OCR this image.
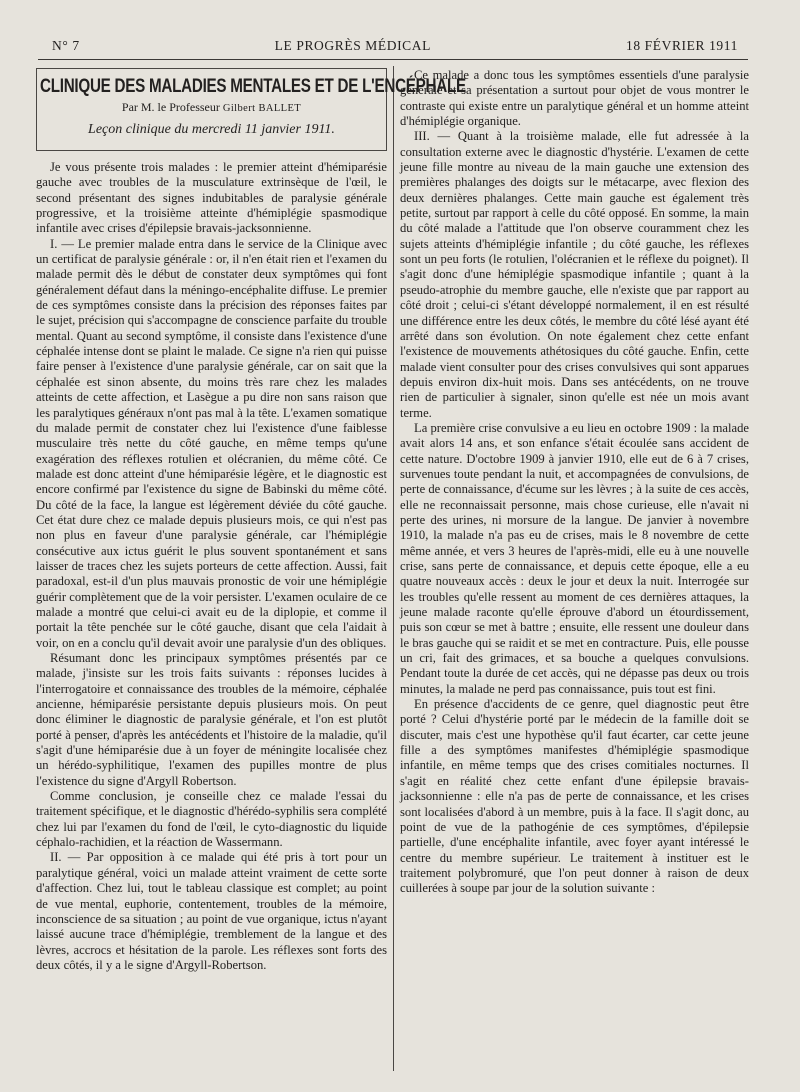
N° 7	LE PROGRÈS MÉDICAL	18 FÉVRIER 1911
CLINIQUE DES MALADIES MENTALES ET DE L'ENCÉPHALE
Par M. le Professeur Gilbert BALLET
Leçon clinique du mercredi 11 janvier 1911.

Je vous présente trois malades : le premier atteint d'hémiparésie gauche avec troubles de la musculature extrinsèque de l'œil, le second présentant des signes indubitables de paralysie générale progressive, et la troisième atteinte d'hémiplégie spasmodique infantile avec crises d'épilepsie bravais-jacksonnienne.

I. — Le premier malade entra dans le service de la Clinique avec un certificat de paralysie générale : or, il n'en était rien et l'examen du malade permit dès le début de constater deux symptômes qui font généralement défaut dans la méningo-encéphalite diffuse. Le premier de ces symptômes consiste dans la précision des réponses faites par le sujet, précision qui s'accompagne de conscience parfaite du trouble mental. Quant au second symptôme, il consiste dans l'existence d'une céphalée intense dont se plaint le malade. Ce signe n'a rien qui puisse faire penser à l'existence d'une paralysie générale, car on sait que la céphalée est sinon absente, du moins très rare chez les malades atteints de cette affection, et Lasègue a pu dire non sans raison que les paralytiques généraux n'ont pas mal à la tête. L'examen somatique du malade permit de constater chez lui l'existence d'une faiblesse musculaire très nette du côté gauche, en même temps qu'une exagération des réflexes rotulien et olécranien, du même côté. Ce malade est donc atteint d'une hémiparésie légère, et le diagnostic est encore confirmé par l'existence du signe de Babinski du même côté. Du côté de la face, la langue est légèrement déviée du côté gauche. Cet état dure chez ce malade depuis plusieurs mois, ce qui n'est pas non plus en faveur d'une paralysie générale, car l'hémiplégie consécutive aux ictus guérit le plus souvent spontanément et sans laisser de traces chez les sujets porteurs de cette affection. Aussi, fait paradoxal, est-il d'un plus mauvais pronostic de voir une hémiplégie guérir complètement que de la voir persister. L'examen oculaire de ce malade a montré que celui-ci avait eu de la diplopie, et comme il portait la tête penchée sur le côté gauche, disant que cela l'aidait à voir, on en a conclu qu'il devait avoir une paralysie d'un des obliques.

Résumant donc les principaux symptômes présentés par ce malade, j'insiste sur les trois faits suivants : réponses lucides à l'interrogatoire et connaissance des troubles de la mémoire, céphalée ancienne, hémiparésie persistante depuis plusieurs mois. On peut donc éliminer le diagnostic de paralysie générale, et l'on est plutôt porté à penser, d'après les antécédents et l'histoire de la maladie, qu'il s'agit d'une hémiparésie due à un foyer de méningite localisée chez un hérédo-syphilitique, l'examen des pupilles montre de plus l'existence du signe d'Argyll Robertson.

Comme conclusion, je conseille chez ce malade l'essai du traitement spécifique, et le diagnostic d'hérédo-syphilis sera complété chez lui par l'examen du fond de l'œil, le cyto-diagnostic du liquide céphalo-rachidien, et la réaction de Wassermann.

II. — Par opposition à ce malade qui été pris à tort pour un paralytique général, voici un malade atteint vraiment de cette sorte d'affection. Chez lui, tout le tableau classique est complet; au point de vue mental, euphorie, contentement, troubles de la mémoire, inconscience de sa situation ; au point de vue organique, ictus n'ayant laissé aucune trace d'hémiplégie, tremblement de la langue et des lèvres, accrocs et hésitation de la parole. Les réflexes sont forts des deux côtés, il y a le signe d'Argyll-Robertson.

Ce malade a donc tous les symptômes essentiels d'une paralysie générale et sa présentation a surtout pour objet de vous montrer le contraste qui existe entre un paralytique général et un homme atteint d'hémiplégie organique.

III. — Quant à la troisième malade, elle fut adressée à la consultation externe avec le diagnostic d'hystérie. L'examen de cette jeune fille montre au niveau de la main gauche une extension des premières phalanges des doigts sur le métacarpe, avec flexion des deux dernières phalanges. Cette main gauche est également très petite, surtout par rapport à celle du côté opposé. En somme, la main du côté malade a l'attitude que l'on observe couramment chez les sujets atteints d'hémiplégie infantile ; du côté gauche, les réflexes sont un peu forts (le rotulien, l'olécranien et le réflexe du poignet). Il s'agit donc d'une hémiplégie spasmodique infantile ; quant à la pseudo-atrophie du membre gauche, elle n'existe que par rapport au côté droit ; celui-ci s'étant développé normalement, il en est résulté une différence entre les deux côtés, le membre du côté lésé ayant été arrêté dans son évolution. On note également chez cette enfant l'existence de mouvements athétosiques du côté gauche. Enfin, cette malade vient consulter pour des crises convulsives qui sont apparues depuis environ dix-huit mois. Dans ses antécédents, on ne trouve rien de particulier à signaler, sinon qu'elle est née un mois avant terme.

La première crise convulsive a eu lieu en octobre 1909 : la malade avait alors 14 ans, et son enfance s'était écoulée sans accident de cette nature. D'octobre 1909 à janvier 1910, elle eut de 6 à 7 crises, survenues toute pendant la nuit, et accompagnées de convulsions, de perte de connaissance, d'écume sur les lèvres ; à la suite de ces accès, elle ne reconnaissait personne, mais chose curieuse, elle n'avait ni perte des urines, ni morsure de la langue. De janvier à novembre 1910, la malade n'a pas eu de crises, mais le 8 novembre de cette même année, et vers 3 heures de l'après-midi, elle eu à une nouvelle crise, sans perte de connaissance, et depuis cette époque, elle a eu quatre nouveaux accès : deux le jour et deux la nuit. Interrogée sur les troubles qu'elle ressent au moment de ces dernières attaques, la jeune malade raconte qu'elle éprouve d'abord un étourdissement, puis son cœur se met à battre ; ensuite, elle ressent une douleur dans le bras gauche qui se raidit et se met en contracture. Puis, elle pousse un cri, fait des grimaces, et sa bouche a quelques convulsions. Pendant toute la durée de cet accès, qui ne dépasse pas deux ou trois minutes, la malade ne perd pas connaissance, puis tout est fini.

En présence d'accidents de ce genre, quel diagnostic peut être porté ? Celui d'hystérie porté par le médecin de la famille doit se discuter, mais c'est une hypothèse qu'il faut écarter, car cette jeune fille a des symptômes manifestes d'hémiplégie spasmodique infantile, en même temps que des crises comitiales nocturnes. Il s'agit en réalité chez cette enfant d'une épilepsie bravais-jacksonnienne : elle n'a pas de perte de connaissance, et les crises sont localisées d'abord à un membre, puis à la face. Il s'agit donc, au point de vue de la pathogénie de ces symptômes, d'épilepsie partielle, d'une encéphalite infantile, avec foyer ayant intéressé le centre du membre supérieur. Le traitement à instituer est le traitement polybromuré, que l'on peut donner à raison de deux cuillerées à soupe par jour de la solution suivante :
